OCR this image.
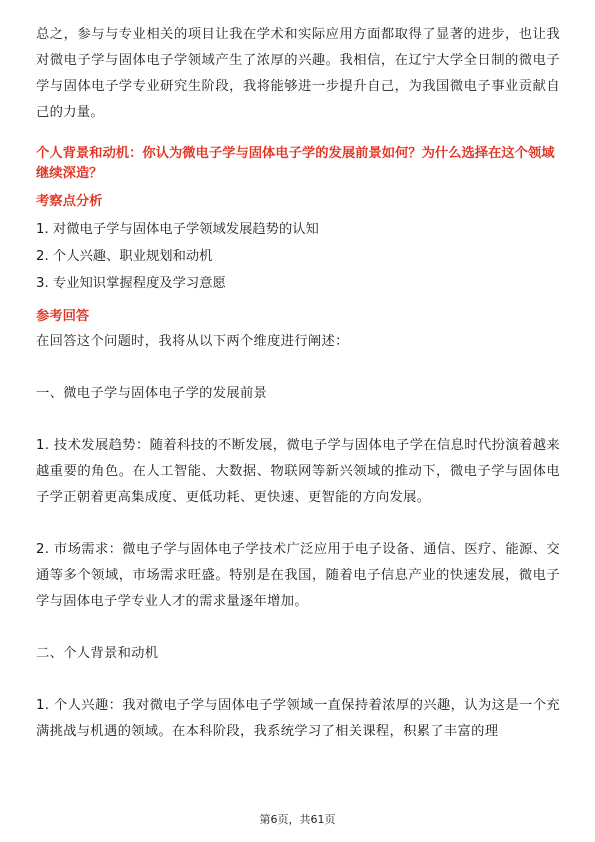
总之，参与与专业相关的项目让我在学术和实际应用方面都取得了显著的进步，也让我对微电子学与固体电子学领域产生了浓厚的兴趣。我相信，在辽宁大学全日制的微电子学与固体电子学专业研究生阶段，我将能够进一步提升自己，为我国微电子事业贡献自己的力量。

个人背景和动机：你认为微电子学与固体电子学的发展前景如何？为什么选择在这个领域继续深造？

考察点分析

1. 对微电子学与固体电子学领域发展趋势的认知

2. 个人兴趣、职业规划和动机

3. 专业知识掌握程度及学习意愿

参考回答

在回答这个问题时，我将从以下两个维度进行阐述：

一、微电子学与固体电子学的发展前景

1. 技术发展趋势：随着科技的不断发展，微电子学与固体电子学在信息时代扮演着越来越重要的角色。在人工智能、大数据、物联网等新兴领域的推动下，微电子学与固体电子学正朝着更高集成度、更低功耗、更快速、更智能的方向发展。

2. 市场需求：微电子学与固体电子学技术广泛应用于电子设备、通信、医疗、能源、交通等多个领域，市场需求旺盛。特别是在我国，随着电子信息产业的快速发展，微电子学与固体电子学专业人才的需求量逐年增加。

二、个人背景和动机

1. 个人兴趣：我对微电子学与固体电子学领域一直保持着浓厚的兴趣，认为这是一个充满挑战与机遇的领域。在本科阶段，我系统学习了相关课程，积累了丰富的理

第6页，共61页
